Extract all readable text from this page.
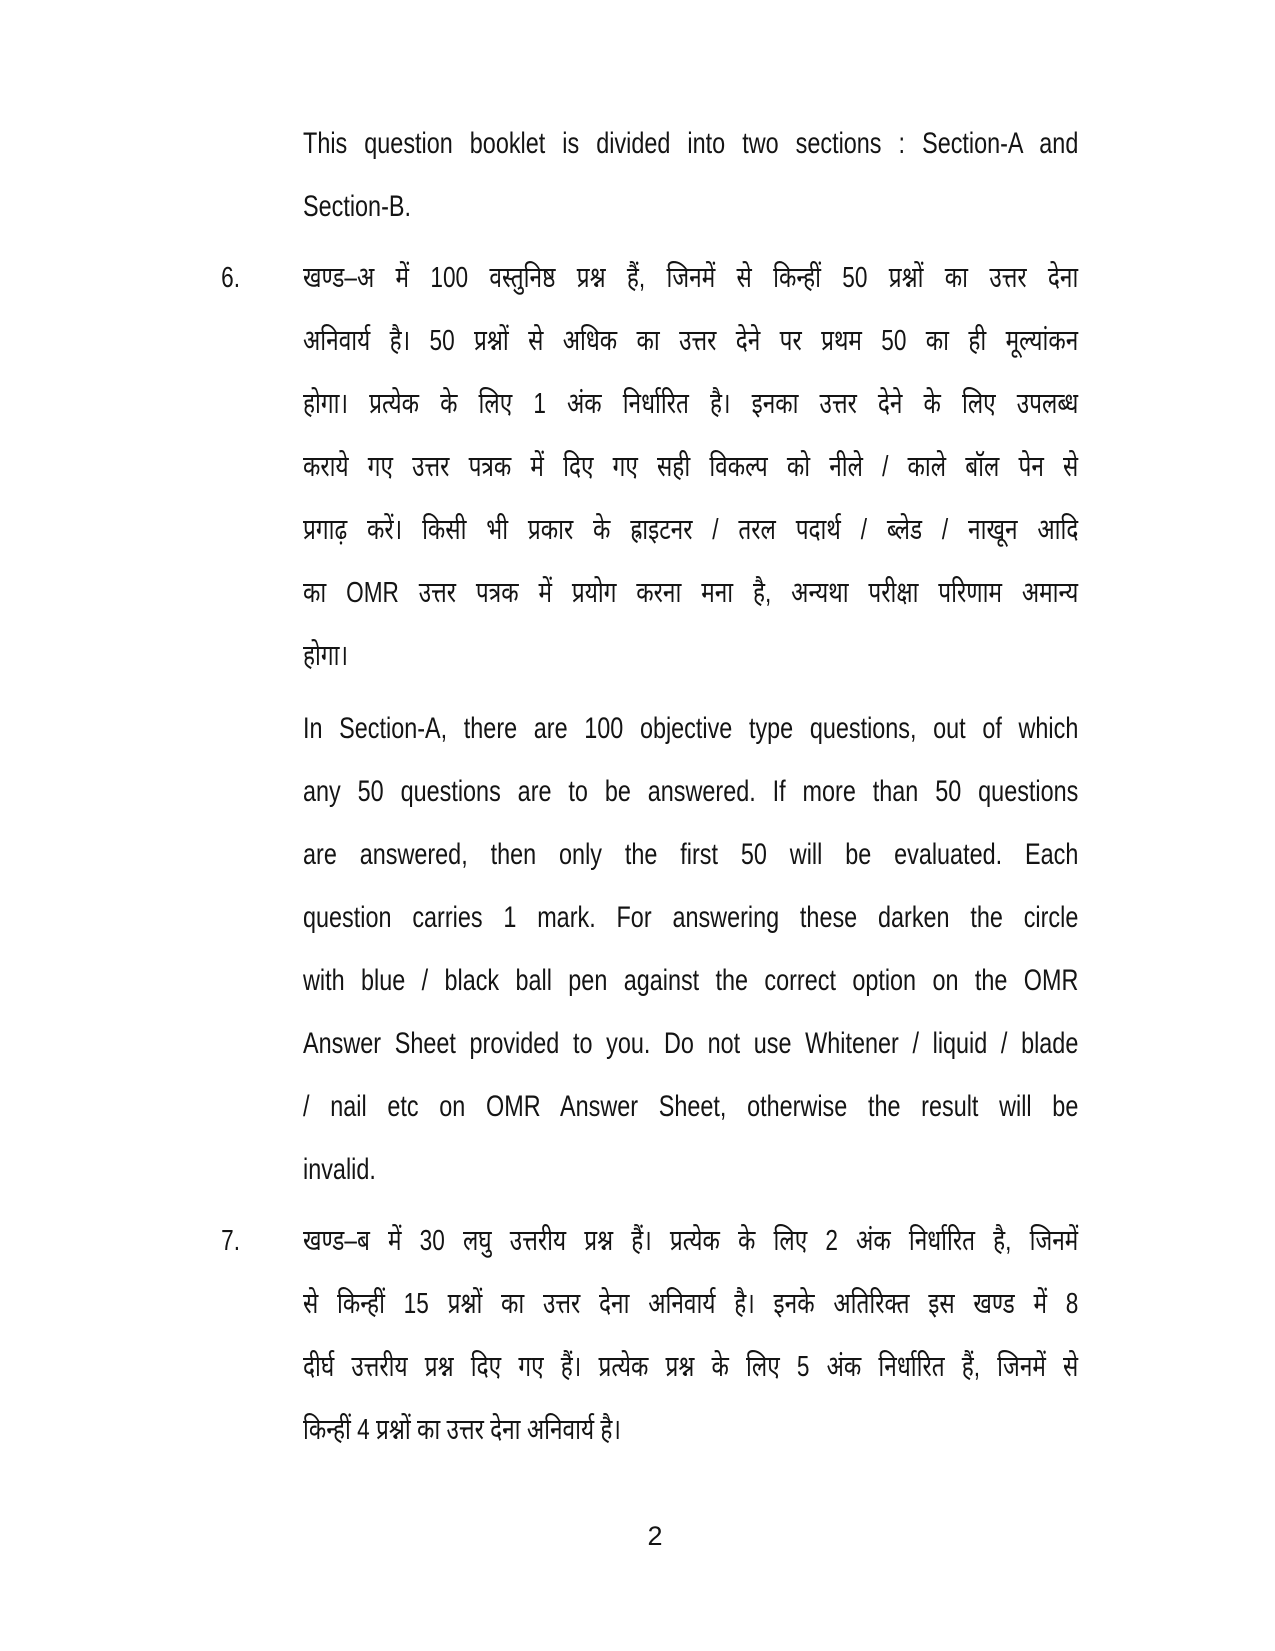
This question booklet is divided into two sections : Section-A and
Section-B.
6. खण्ड–अ में 100 वस्तुनिष्ठ प्रश्न हैं, जिनमें से किन्हीं 50 प्रश्नों का उत्तर देना
अनिवार्य है। 50 प्रश्नों से अधिक का उत्तर देने पर प्रथम 50 का ही मूल्यांकन
होगा। प्रत्येक के लिए 1 अंक निर्धारित है। इनका उत्तर देने के लिए उपलब्ध
कराये गए उत्तर पत्रक में दिए गए सही विकल्प को नीले / काले बॉल पेन से
प्रगाढ़ करें। किसी भी प्रकार के ह्राइटनर / तरल पदार्थ / ब्लेड / नाखून आदि
का OMR उत्तर पत्रक में प्रयोग करना मना है, अन्यथा परीक्षा परिणाम अमान्य
होगा।
In Section-A, there are 100 objective type questions, out of which
any 50 questions are to be answered. If more than 50 questions
are answered, then only the first 50 will be evaluated. Each
question carries 1 mark. For answering these darken the circle
with blue / black ball pen against the correct option on the OMR
Answer Sheet provided to you. Do not use Whitener / liquid / blade
/ nail etc on OMR Answer Sheet, otherwise the result will be
invalid.
7. खण्ड–ब में 30 लघु उत्तरीय प्रश्न हैं। प्रत्येक के लिए 2 अंक निर्धारित है, जिनमें
से किन्हीं 15 प्रश्नों का उत्तर देना अनिवार्य है। इनके अतिरिक्त इस खण्ड में 8
दीर्घ उत्तरीय प्रश्न दिए गए हैं। प्रत्येक प्रश्न के लिए 5 अंक निर्धारित हैं, जिनमें से
किन्हीं 4 प्रश्नों का उत्तर देना अनिवार्य है।
2
